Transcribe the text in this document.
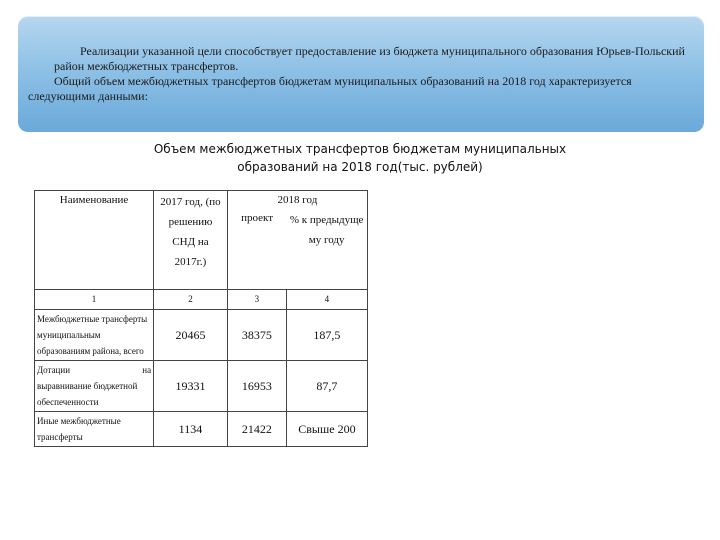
Реализации указанной цели способствует предоставление из бюджета муниципального образования Юрьев-Польский район межбюджетных трансфертов.

Общий объем межбюджетных трансфертов бюджетам муниципальных образований на 2018 год характеризуется следующими данными:

Объем межбюджетных трансфертов бюджетам муниципальных
образований на 2018 год(тыс. рублей)
Наименование	2017 год, (по решению СНД на 2017г.)	2018 год	
		проект	% к предыдуще му году
1	2	3	4
Межбюджетные трансферты муниципальным образованиям района, всего	20465	38375	187,5

Дотации на
выравнивание бюджетной обеспеченности	19331	16953	87,7
Иные межбюджетные трансферты	1134	21422	Свыше 200
